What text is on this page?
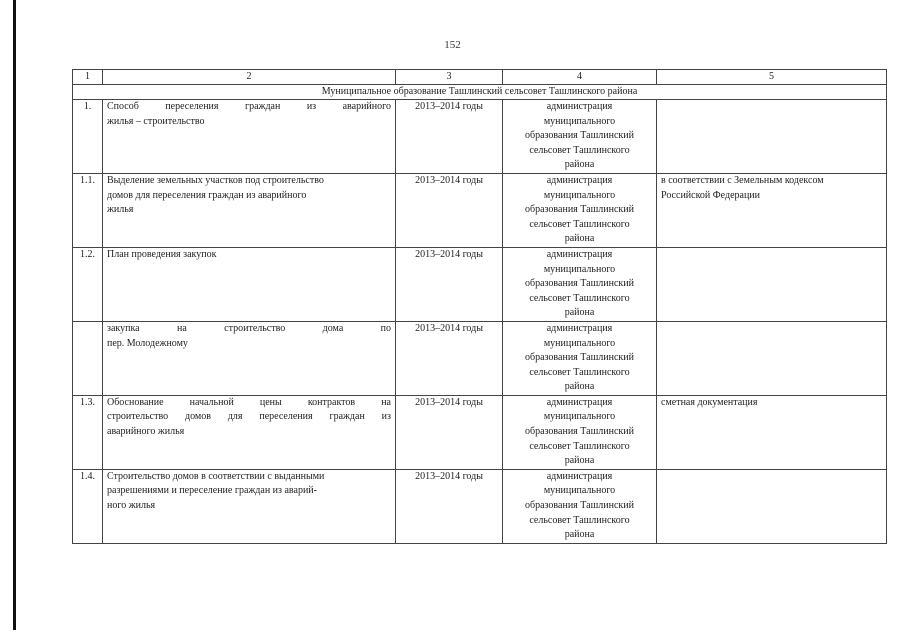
152
1	2	3	4	5
Муниципальное образование Ташлинский сельсовет Ташлинского района				
1.	Способ переселения граждан из аварийного
жилья – строительство	2013–2014 годы	администрация
муниципального
образования Ташлинский
сельсовет Ташлинского
района	

1.1.	Выделение земельных участков под строительство
домов для переселения граждан из аварийного
жилья	2013–2014 годы	администрация
муниципального
образования Ташлинский
сельсовет Ташлинского
района	в соответствии с Земельным кодексом
Российской Федерации

1.2.	План проведения закупок	2013–2014 годы	администрация
муниципального
образования Ташлинский
сельсовет Ташлинского
района	

	закупка на строительство дома по
пер. Молодежному	2013–2014 годы	администрация
муниципального
образования Ташлинский
сельсовет Ташлинского
района	

1.3.	Обоснование начальной цены контрактов на
строительство домов для переселения граждан из
аварийного жилья	2013–2014 годы	администрация
муниципального
образования Ташлинский
сельсовет Ташлинского
района	сметная документация

1.4.	Строительство домов в соответствии с выданными
разрешениями и переселение граждан из аварий-
ного жилья	2013–2014 годы	администрация
муниципального
образования Ташлинский
сельсовет Ташлинского
района	
